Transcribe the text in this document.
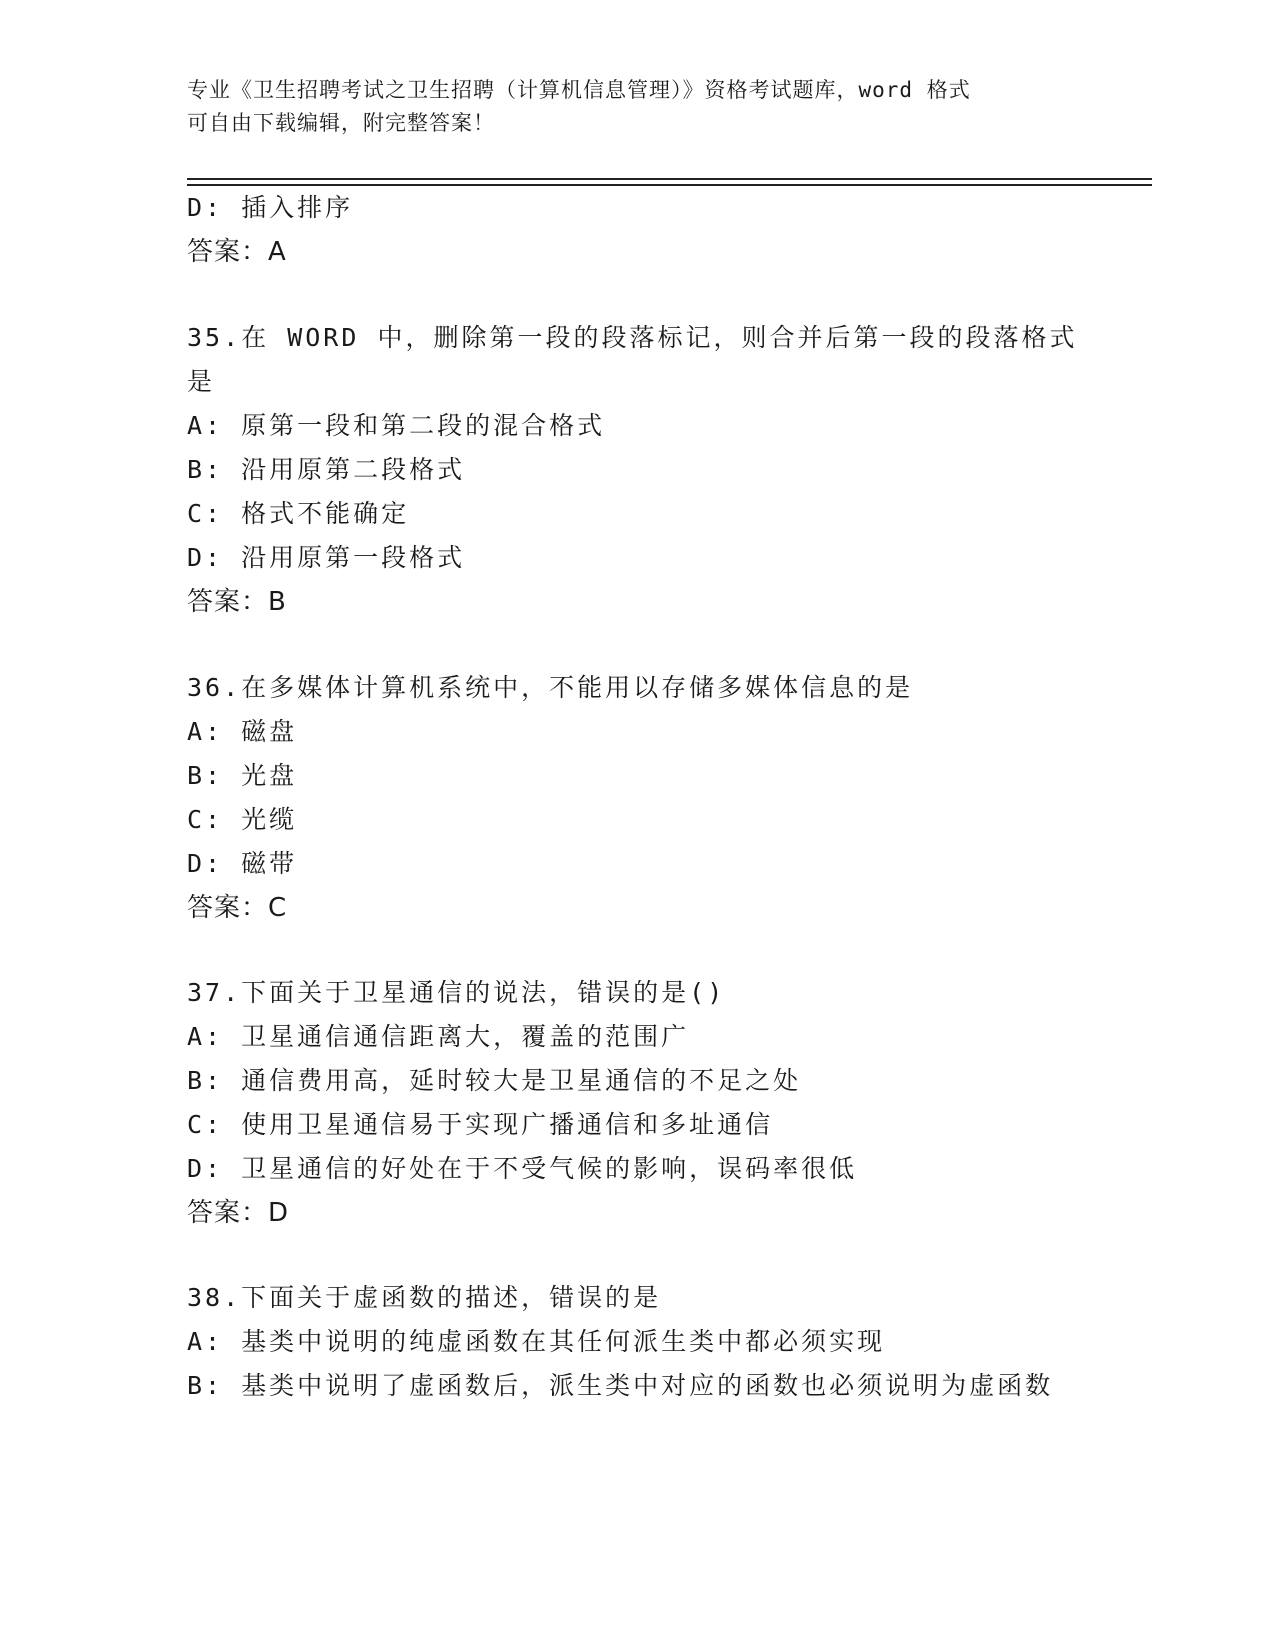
专业《卫生招聘考试之卫生招聘（计算机信息管理）》资格考试题库，word 格式
可自由下载编辑，附完整答案！
D: 插入排序
答案：A
35.在 WORD 中，删除第一段的段落标记，则合并后第一段的段落格式
是
A: 原第一段和第二段的混合格式
B: 沿用原第二段格式
C: 格式不能确定
D: 沿用原第一段格式
答案：B
36.在多媒体计算机系统中，不能用以存储多媒体信息的是
A: 磁盘
B: 光盘
C: 光缆
D: 磁带
答案：C
37.下面关于卫星通信的说法，错误的是()
A: 卫星通信通信距离大，覆盖的范围广
B: 通信费用高，延时较大是卫星通信的不足之处
C: 使用卫星通信易于实现广播通信和多址通信
D: 卫星通信的好处在于不受气候的影响，误码率很低
答案：D
38.下面关于虚函数的描述，错误的是
A: 基类中说明的纯虚函数在其任何派生类中都必须实现
B: 基类中说明了虚函数后，派生类中对应的函数也必须说明为虚函数
